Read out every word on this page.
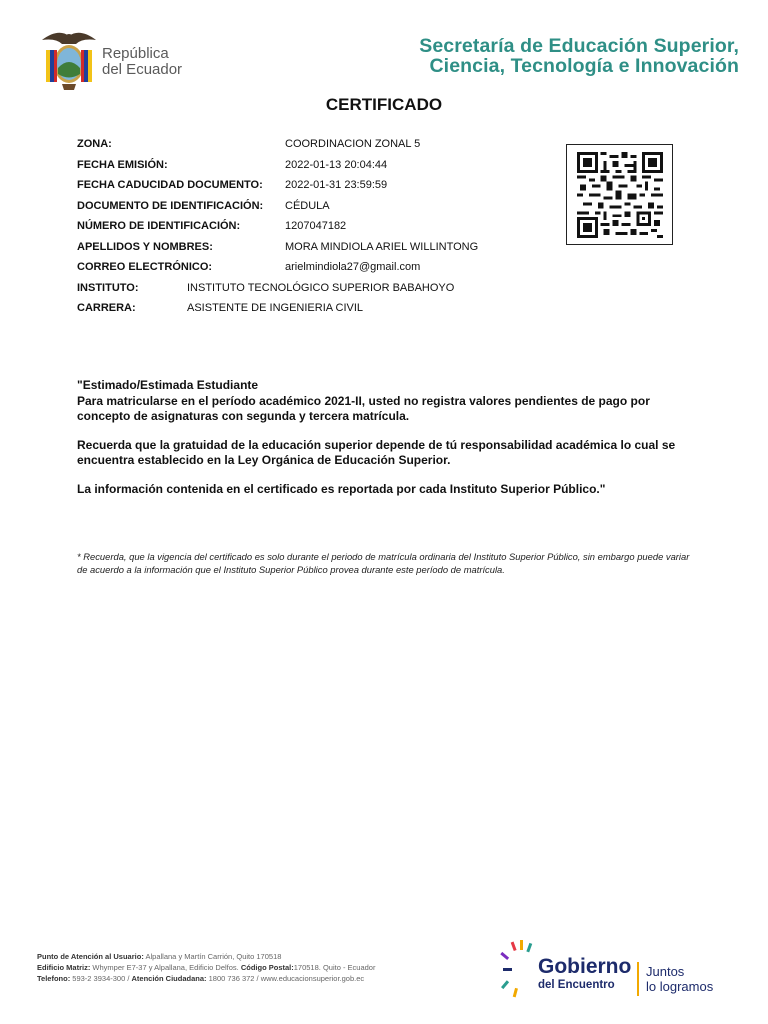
República
del Ecuador
Secretaría de Educación Superior,
Ciencia, Tecnología e Innovación
CERTIFICADO
ZONA:	COORDINACION ZONAL 5
FECHA EMISIÓN:	2022-01-13 20:04:44
FECHA CADUCIDAD DOCUMENTO: 2022-01-31 23:59:59
DOCUMENTO DE IDENTIFICACIÓN: CÉDULA
NÚMERO DE IDENTIFICACIÓN:	1207047182
APELLIDOS Y NOMBRES:	MORA MINDIOLA ARIEL WILLINTONG
CORREO ELECTRÓNICO:	arielmindiola27@gmail.com
INSTITUTO:	INSTITUTO TECNOLÓGICO SUPERIOR BABAHOYO
CARRERA:	ASISTENTE DE INGENIERIA CIVIL

"Estimado/Estimada Estudiante

Para matricularse en el período académico 2021-II, usted no registra valores pendientes de pago por concepto de asignaturas con segunda y tercera matrícula.

Recuerda que la gratuidad de la educación superior depende de tú responsabilidad académica lo cual se encuentra establecido en la Ley Orgánica de Educación Superior.

La información contenida en el certificado es reportada por cada Instituto Superior Público."

* Recuerda, que la vigencia del certificado es solo durante el periodo de matrícula ordinaria del Instituto Superior Público, sin embargo puede variar de acuerdo a la información que el Instituto Superior Público provea durante este período de matrícula.
Punto de Atención al Usuario: Alpallana y Martín Carrión, Quito 170518
Edificio Matriz: Whymper E7-37 y Alpallana, Edificio Delfos. Código Postal:170518. Quito - Ecuador
Telefono: 593-2 3934-300 / Atención Ciudadana: 1800 736 372 / www.educacionsuperior.gob.ec
Gobierno
del Encuentro
Juntos
lo logramos
